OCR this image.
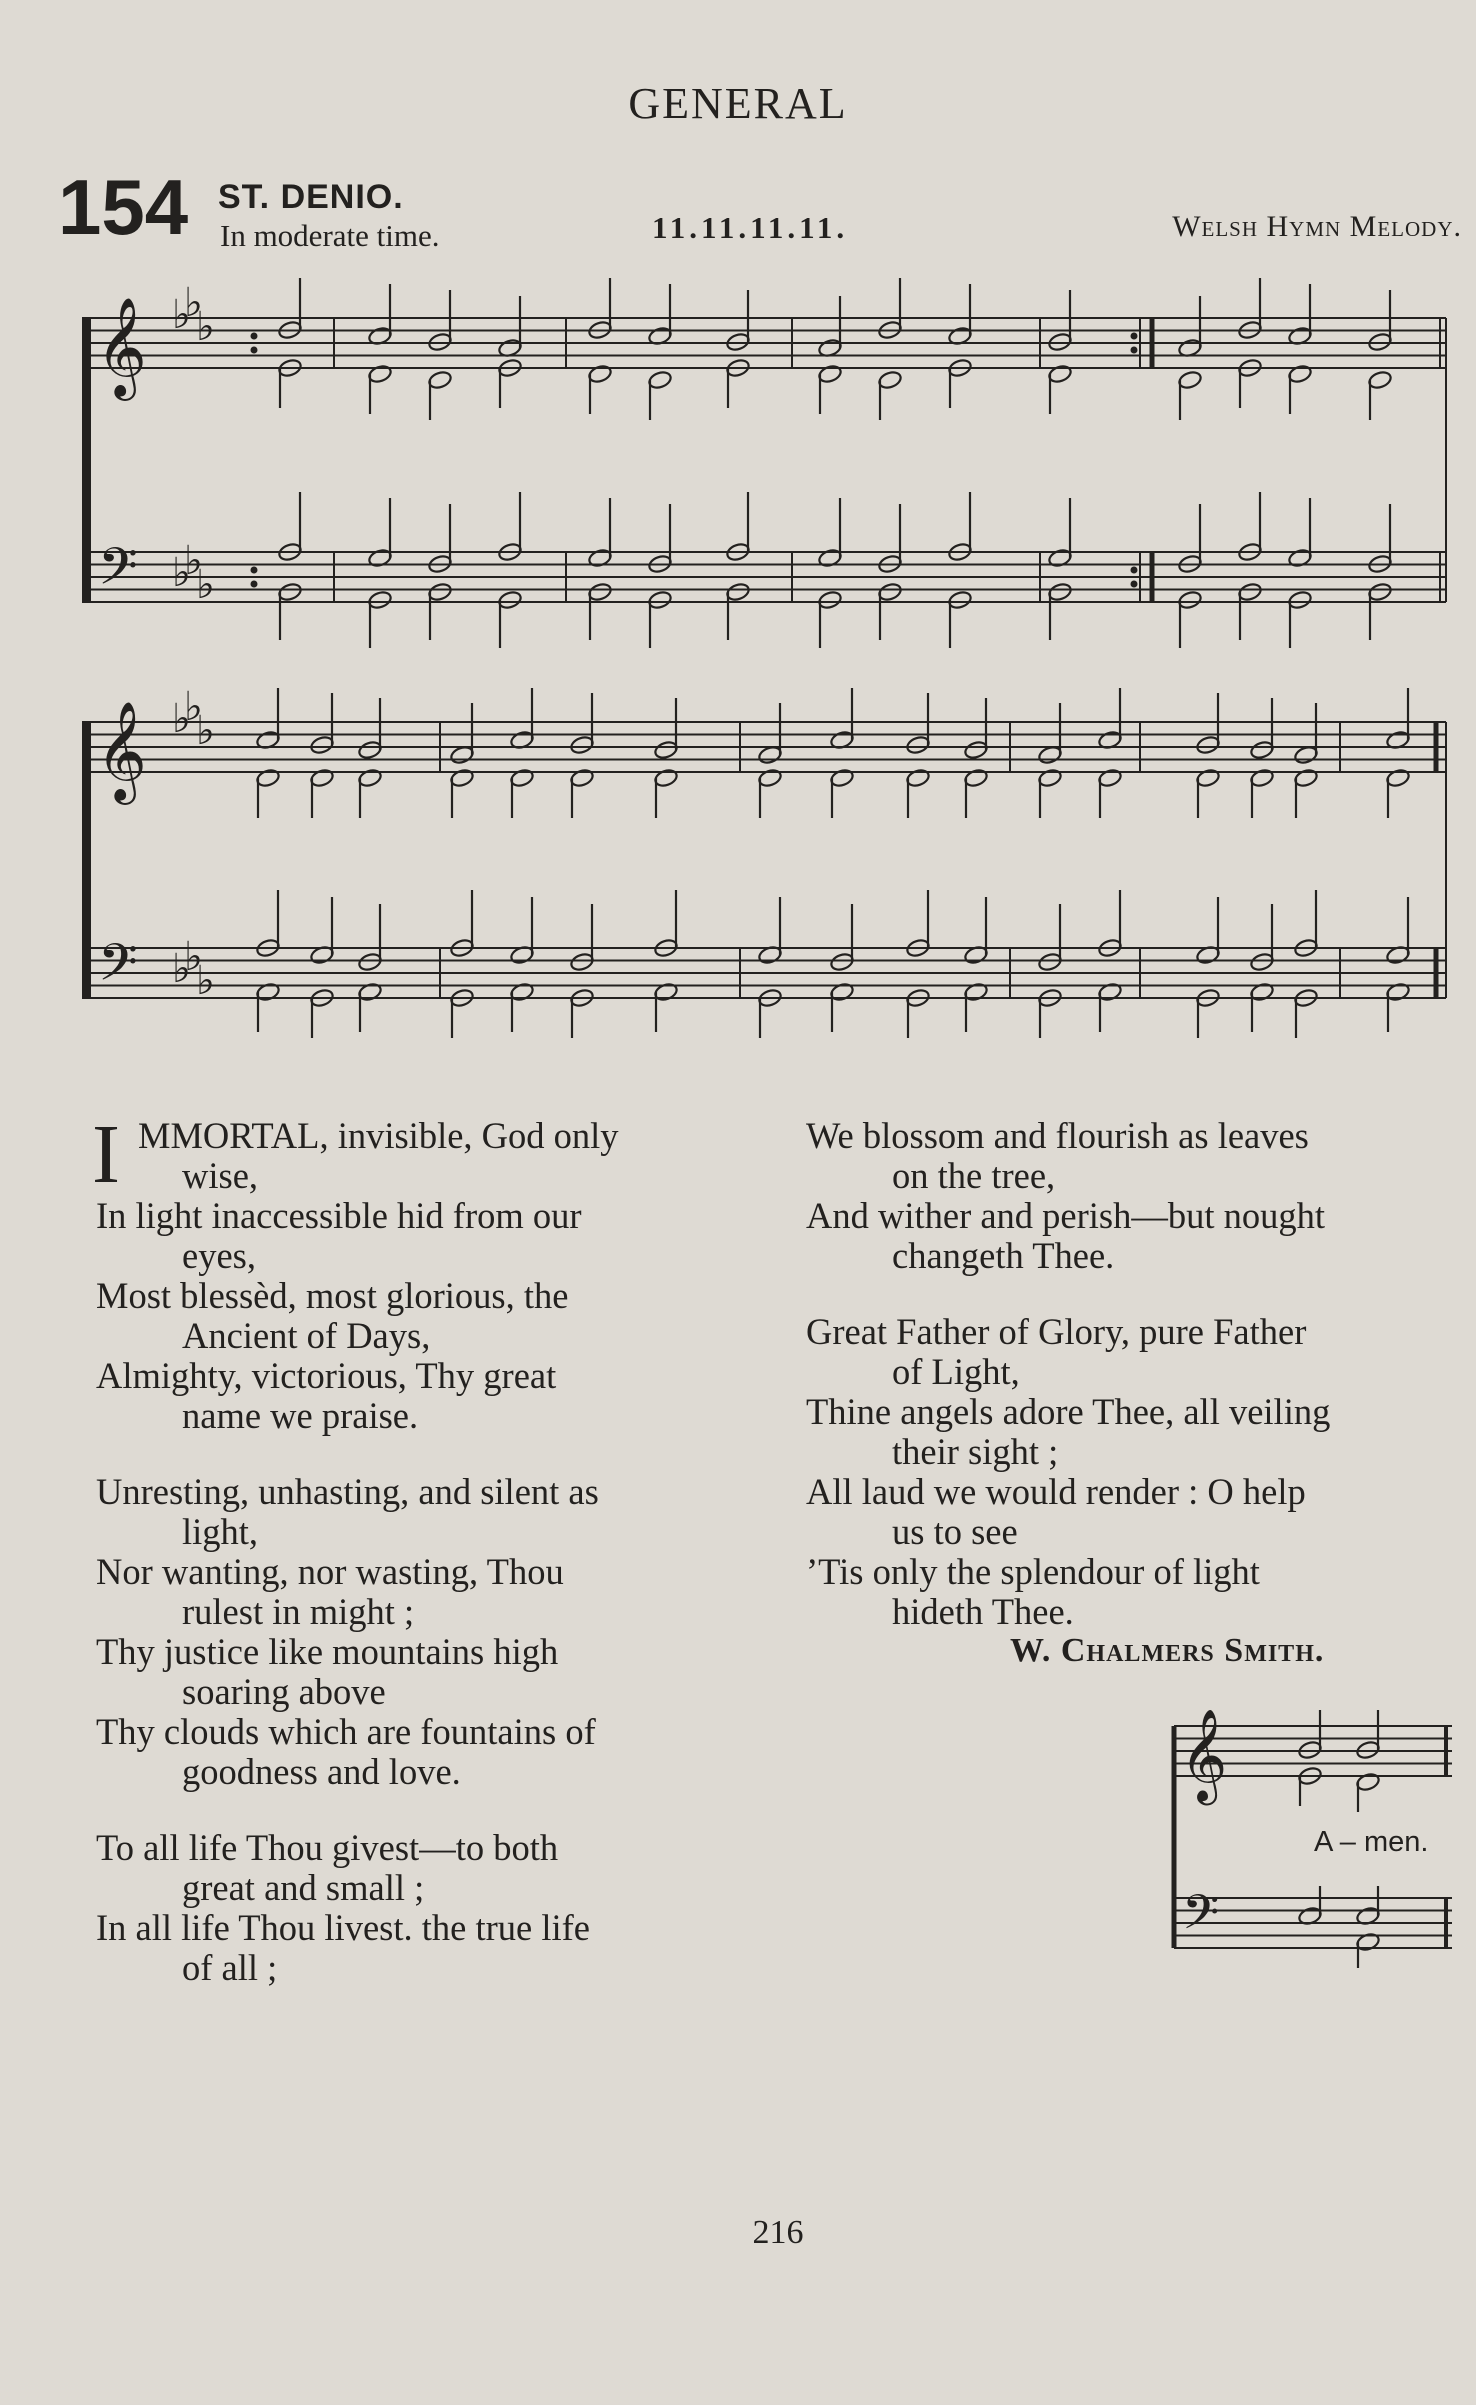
GENERAL
154 ST. DENIO.
In moderate time.	11.11.11.11.	Welsh Hymn Melody.
𝄞
𝄢
𝄞
𝄢
♭
♭
♭
♭
♭
♭
♭
♭
♭
♭
♭
♭
𝄞
𝄢
I MMORTAL, invisible, God only
wise,
In light inaccessible hid from our
eyes,
Most blessèd, most glorious, the
Ancient of Days,
Almighty, victorious, Thy great
name we praise.
Unresting, unhasting, and silent as
light,
Nor wanting, nor wasting, Thou
rulest in might ;
Thy justice like mountains high
soaring above
Thy clouds which are fountains of
goodness and love.
To all life Thou givest—to both
great and small ;
In all life Thou livest. the true life
of all ;
We blossom and flourish as leaves
on the tree,
And wither and perish—but nought
changeth Thee.
Great Father of Glory, pure Father
of Light,
Thine angels adore Thee, all veiling
their sight ;
All laud we would render : O help
us to see
’Tis only the splendour of light
hideth Thee.
W. Chalmers Smith.
A – men.
216
